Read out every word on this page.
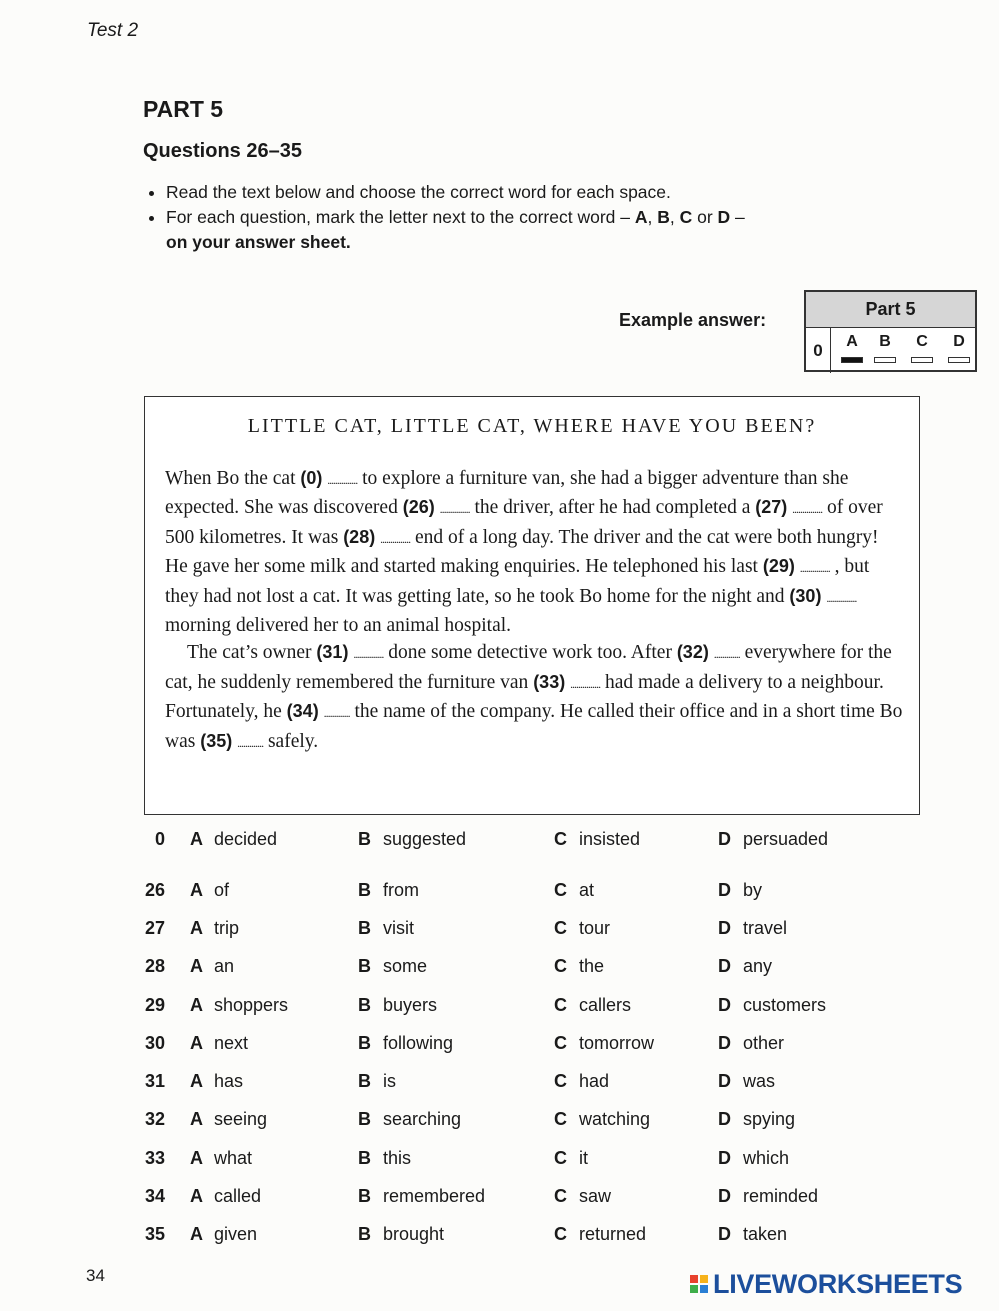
Test 2
PART 5
Questions 26–35
• Read the text below and choose the correct word for each space.
• For each question, mark the letter next to the correct word – A, B, C or D –
on your answer sheet.
Example answer:
Part 5
0	A	B	C	D
LITTLE CAT, LITTLE CAT, WHERE HAVE YOU BEEN?
When Bo the cat (0) ............... to explore a furniture van, she had a bigger adventure than she expected. She was discovered (26) ............... the driver, after he had completed a (27) ............... of over 500 kilometres. It was (28) ............... end of a long day. The driver and the cat were both hungry! He gave her some milk and started making enquiries. He telephoned his last (29) ............... , but they had not lost a cat. It was getting late, so he took Bo home for the night and (30) ............... morning delivered her to an animal hospital.
The cat’s owner (31) ............... done some detective work too. After (32) ............. everywhere for the cat, he suddenly remembered the furniture van (33) ............... had made a delivery to a neighbour. Fortunately, he (34) ............. the name of the company. He called their office and in a short time Bo was (35) ............. safely.
0 A decided	B suggested	C insisted	D persuaded
26 A of	B from	C at	D by
27 A trip	B visit	C tour	D travel
28 A an	B some	C the	D any
29 A shoppers	B buyers	C callers	D customers
30 A next	B following	C tomorrow	D other
31 A has	B is	C had	D was
32 A seeing	B searching	C watching	D spying
33 A what	B this	C it	D which
34 A called	B remembered	C saw	D reminded
35 A given	B brought	C returned	D taken
34	LIVEWORKSHEETS
